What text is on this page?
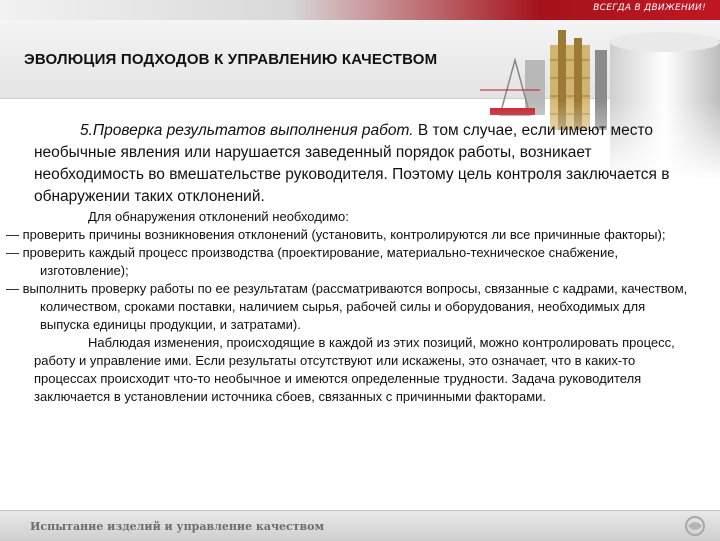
ВСЕГДА В ДВИЖЕНИИ!
ЭВОЛЮЦИЯ ПОДХОДОВ К УПРАВЛЕНИЮ КАЧЕСТВОМ

5.Проверка результатов выполнения работ. В том случае, если имеют место необычные явления или нарушается заведенный порядок работы, возникает необходимость во вмешательстве руководителя. Поэтому цель контроля заключается в обнаружении таких отклонений.

Для обнаружения отклонений необходимо:

— проверить причины возникновения отклонений (установить, контролируются ли все причинные факторы);

— проверить каждый процесс производства (проектирование, материально-техническое снабжение, изготовление);

— выполнить проверку работы по ее результатам (рассматриваются вопросы, связанные с кадрами, качеством, количеством, сроками поставки, наличием сырья, рабочей силы и оборудования, необходимых для выпуска единицы продукции, и затратами).

Наблюдая изменения, происходящие в каждой из этих позиций, можно контролировать процесс, работу и управление ими. Если результаты отсутствуют или искажены, это означает, что в каких-то процессах происходит что-то необычное и имеются определенные трудности. Задача руководителя заключается в установлении источника сбоев, связанных с причинными факторами.

Испытание изделий и управление качеством
